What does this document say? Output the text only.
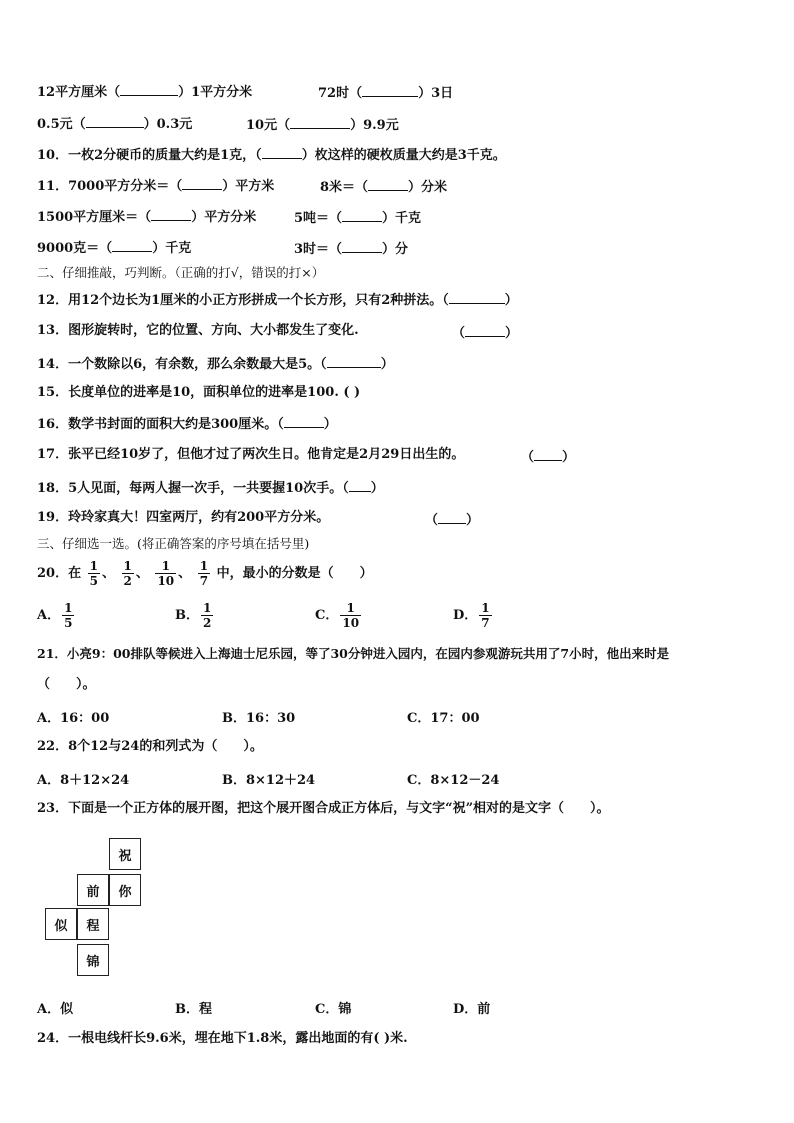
12平方厘米（	）1平方分米	72时（	）3日
0.5元（	）0.3元	10元（	）9.9元
10．一枚2分硬币的质量大约是1克，（	）枚这样的硬枚质量大约是3千克。
11．7000平方分米＝（	）平方米	8米＝（	）分米
1500平方厘米＝（	）平方分米	5吨＝（	）千克
9000克＝（	）千克	3时＝（	）分
二、仔细推敲，巧判断。（正确的打√，错误的打×）
12．用12个边长为1厘米的小正方形拼成一个长方形，只有2种拼法。（	）
13．图形旋转时，它的位置、方向、大小都发生了变化.	（	）
14．一个数除以6，有余数，那么余数最大是5。（	）
15．长度单位的进率是10，面积单位的进率是100. ( )
16．数学书封面的面积大约是300厘米。（	）
17．张平已经10岁了，但他才过了两次生日。他肯定是2月29日出生的。	（ ）
18．5人见面，每两人握一次手，一共要握10次手。（ ）
19．玲玲家真大！四室两厅，约有200平方分米。	（ ）
三、仔细选一选。(将正确答案的序号填在括号里)
20．在 $\frac{1}{5}$ 、 $\frac{1}{2}$ 、 $\frac{1}{10}$ 、 $\frac{1}{7}$ 中，最小的分数是（　　）
A． $\frac{1}{5}$	B． $\frac{1}{2}$	C． $\frac{1}{10}$	D． $\frac{1}{7}$
21．小亮9：00排队等候进入上海迪士尼乐园，等了30分钟进入园内，在园内参观游玩共用了7小时，他出来时是
（　　）。
A．16：00	B．16：30	C．17：00
22．8个12与24的和列式为（　　）。
A．8＋12×24	B．8×12＋24	C．8×12－24
23．下面是一个正方体的展开图，把这个展开图合成正方体后，与文字“祝”相对的是文字（　　）。
祝
你
前
似	程
锦
A．似	B．程	C．锦	D．前
24．一根电线杆长9.6米，埋在地下1.8米，露出地面的有( )米.
